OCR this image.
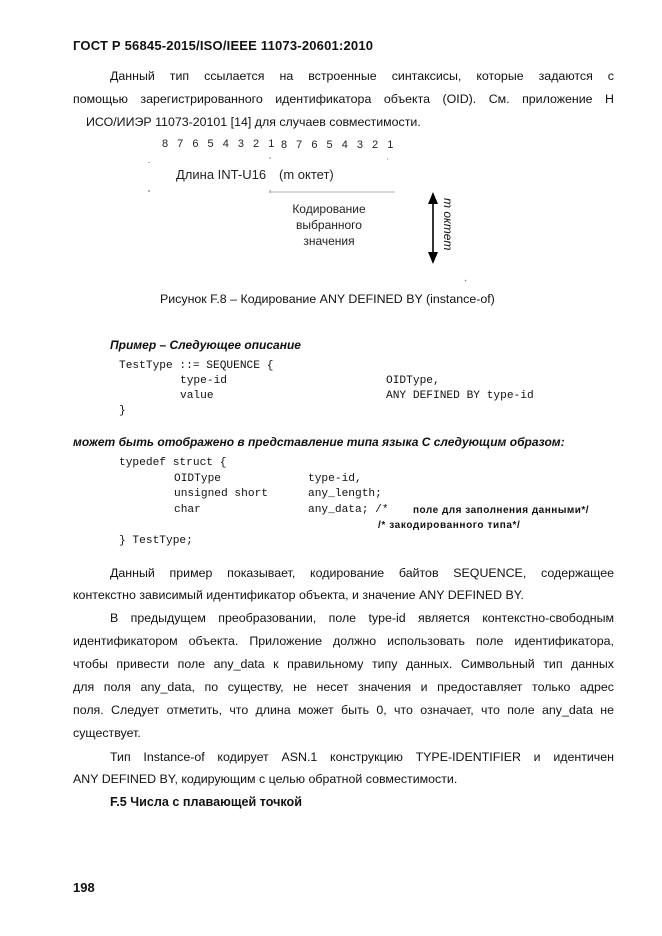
ГОСТ Р 56845-2015/ISO/IEEE 11073-20601:2010
Данный тип ссылается на встроенные синтаксисы, которые задаются с
помощью зарегистрированного идентификатора объекта (OID). См. приложение Н
ИСО/ИИЭР 11073-20101 [14] для случаев совместимости.
8 7 6 5 4 3 2 1 8 7 6 5 4 3 2 1
Длина INT-U16 (m октет)
Кодирование
выбранного
значения	m октет
Рисунок F.8 – Кодирование ANY DEFINED BY (instance-of)
Пример – Следующее описание
TestType ::= SEQUENCE {
type-id	OIDType,
value	ANY DEFINED BY type-id
}
может быть отображено в представление типа языка С следующим образом:
typedef struct {
OIDType	type-id,
unsigned short	any_length;
char	any_data; /* поле для заполнения данными*/
/* закодированного типа*/
} TestType;
Данный пример показывает, кодирование байтов SEQUENCE, содержащее
контекстно зависимый идентификатор объекта, и значение ANY DEFINED BY.
В предыдущем преобразовании, поле type-id является контекстно-свободным
идентификатором объекта. Приложение должно использовать поле идентификатора,
чтобы привести поле any_data к правильному типу данных. Символьный тип данных
для поля any_data, по существу, не несет значения и предоставляет только адрес
поля. Следует отметить, что длина может быть 0, что означает, что поле any_data не
существует.
Тип Instance-of кодирует ASN.1 конструкцию TYPE-IDENTIFIER и идентичен
ANY DEFINED BY, кодирующим с целью обратной совместимости.
F.5 Числа с плавающей точкой
198
